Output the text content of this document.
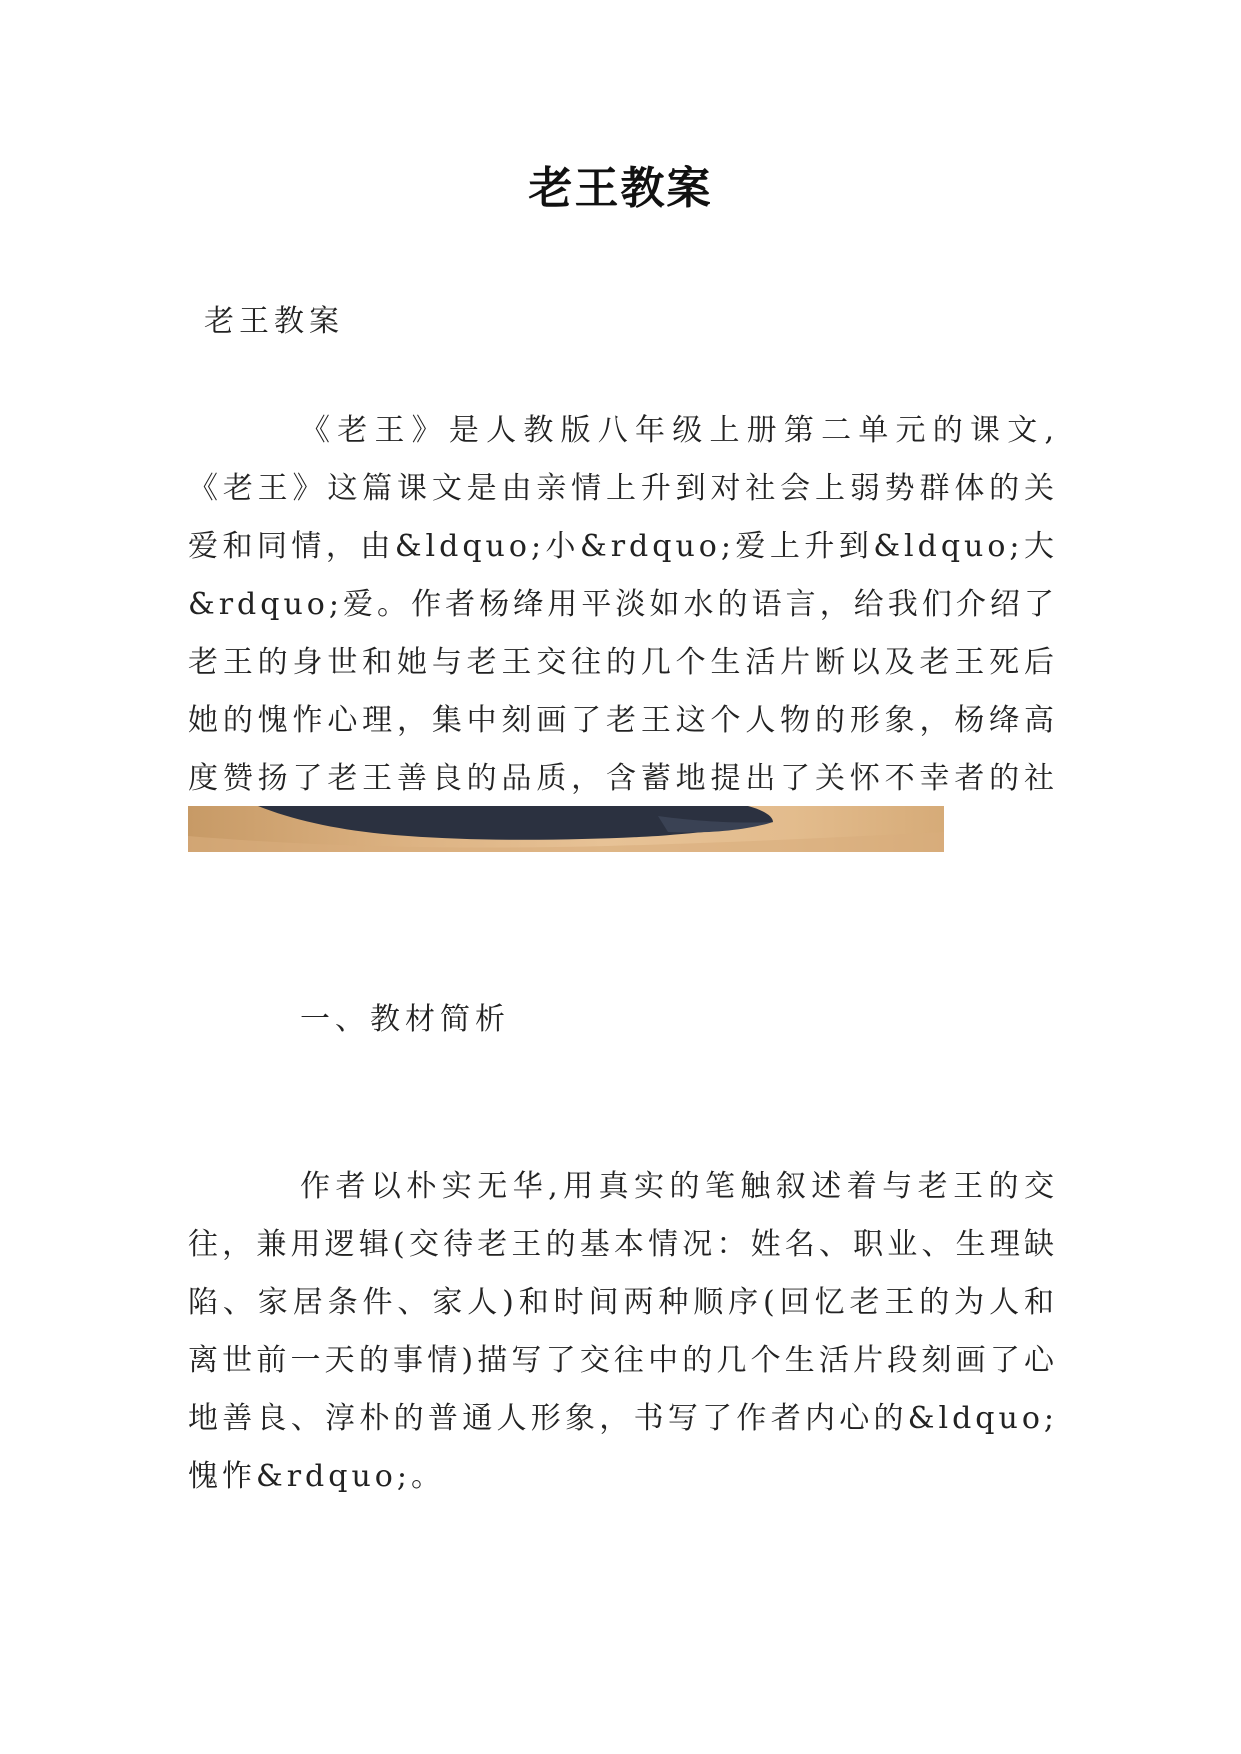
老王教案

老王教案

《老王》是人教版八年级上册第二单元的课文,《老王》这篇课文是由亲情上升到对社会上弱势群体的关爱和同情，由&ldquo;小&rdquo;爱上升到&ldquo;大&rdquo;爱。作者杨绛用平淡如水的语言，给我们介绍了老王的身世和她与老王交往的几个生活片断以及老王死后她的愧怍心理，集中刻画了老王这个人物的形象，杨绛高度赞扬了老王善良的品质，含蓄地提出了关怀不幸者的社

一、教材简析

作者以朴实无华,用真实的笔触叙述着与老王的交往，兼用逻辑(交待老王的基本情况：姓名、职业、生理缺陷、家居条件、家人)和时间两种顺序(回忆老王的为人和离世前一天的事情)描写了交往中的几个生活片段刻画了心地善良、淳朴的普通人形象，书写了作者内心的&ldquo;愧怍&rdquo;。
